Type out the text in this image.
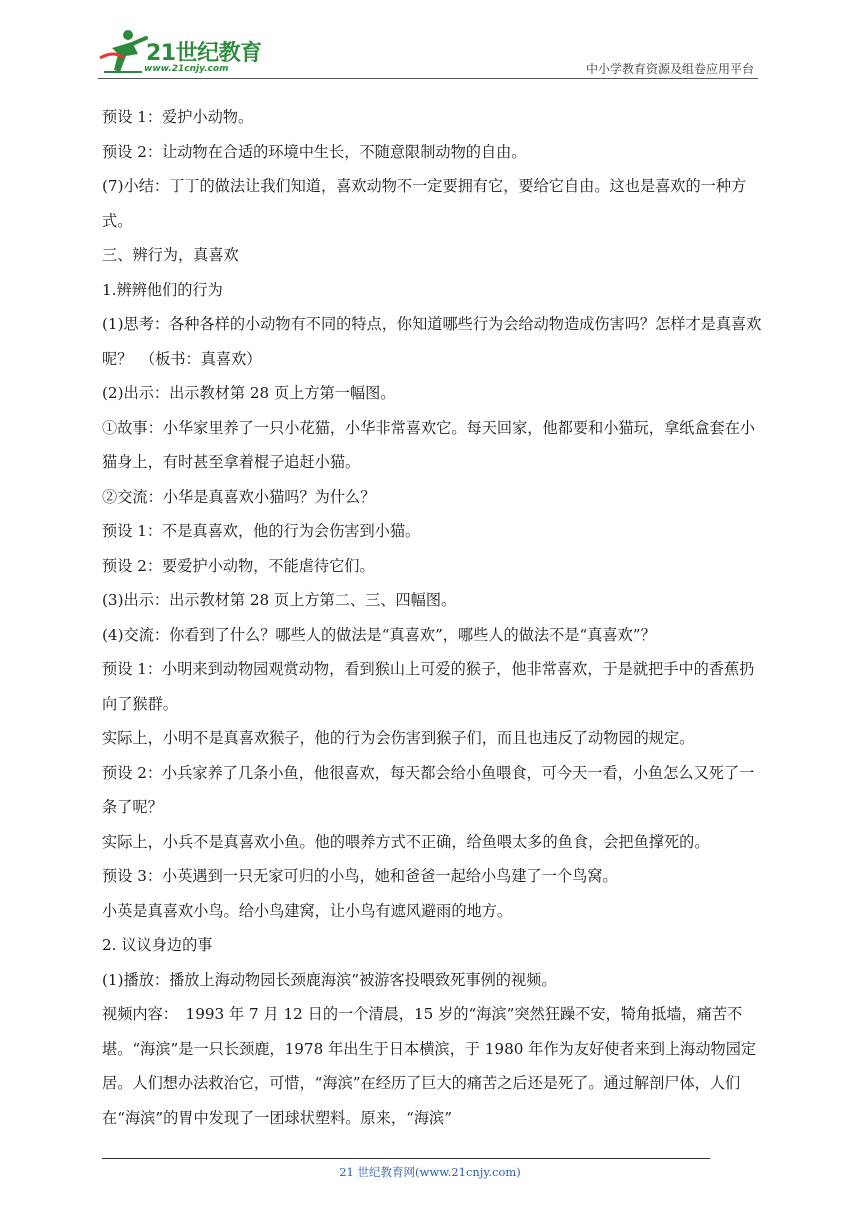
21世纪教育
www.21cnjy.com	中小学教育资源及组卷应用平台

预设 1：爱护小动物。

预设 2：让动物在合适的环境中生长，不随意限制动物的自由。

(7)小结：丁丁的做法让我们知道，喜欢动物不一定要拥有它，要给它自由。这也是喜欢的一种方式。

三、辨行为，真喜欢

1.辨辨他们的行为

(1)思考：各种各样的小动物有不同的特点，你知道哪些行为会给动物造成伤害吗？怎样才是真喜欢呢？　（板书：真喜欢）

(2)出示：出示教材第 28 页上方第一幅图。

①故事：小华家里养了一只小花猫，小华非常喜欢它。每天回家，他都要和小猫玩，拿纸盒套在小猫身上，有时甚至拿着棍子追赶小猫。

②交流：小华是真喜欢小猫吗？为什么？

预设 1：不是真喜欢，他的行为会伤害到小猫。

预设 2：要爱护小动物，不能虐待它们。

(3)出示：出示教材第 28 页上方第二、三、四幅图。

(4)交流：你看到了什么？哪些人的做法是“真喜欢”，哪些人的做法不是“真喜欢”？

预设 1：小明来到动物园观赏动物，看到猴山上可爱的猴子，他非常喜欢，于是就把手中的香蕉扔向了猴群。

实际上，小明不是真喜欢猴子，他的行为会伤害到猴子们，而且也违反了动物园的规定。

预设 2：小兵家养了几条小鱼，他很喜欢，每天都会给小鱼喂食，可今天一看，小鱼怎么又死了一条了呢？

实际上，小兵不是真喜欢小鱼。他的喂养方式不正确，给鱼喂太多的鱼食，会把鱼撑死的。

预设 3：小英遇到一只无家可归的小鸟，她和爸爸一起给小鸟建了一个鸟窝。

小英是真喜欢小鸟。给小鸟建窝，让小鸟有遮风避雨的地方。

2. 议议身边的事

(1)播放：播放上海动物园长颈鹿海滨”被游客投喂致死事例的视频。

视频内容：　1993 年 7 月 12 日的一个清晨，15 岁的“海滨”突然狂躁不安，犄角抵墙，痛苦不堪。“海滨”是一只长颈鹿，1978 年出生于日本横滨，于 1980 年作为友好使者来到上海动物园定居。人们想办法救治它，可惜，“海滨”在经历了巨大的痛苦之后还是死了。通过解剖尸体，人们在“海滨”的胃中发现了一团球状塑料。原来，“海滨”

21 世纪教育网(www.21cnjy.com)
